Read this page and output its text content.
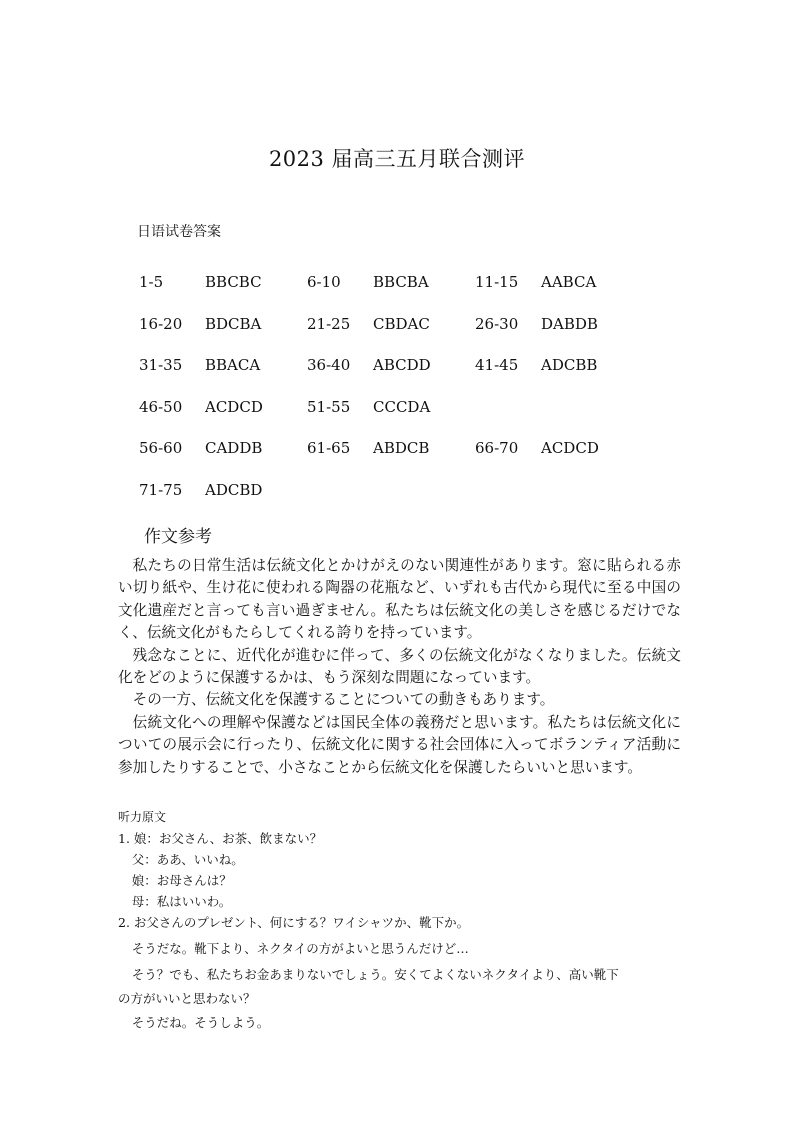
2023 届高三五月联合测评
日语试卷答案
1-5	BBCBC	6-10 BBCBA	11-15 AABCA
16-20 BDCBA	21-25 CBDAC	26-30 DABDB
31-35 BBACA	36-40 ABCDD	41-45 ADCBB
46-50 ACDCD	51-55 CCCDA
56-60 CADDB	61-65 ABDCB	66-70 ACDCD
71-75 ADCBD
作文参考

私たちの日常生活は伝統文化とかけがえのない関連性があります。窓に貼られる赤い切り紙や、生け花に使われる陶器の花瓶など、いずれも古代から現代に至る中国の文化遺産だと言っても言い過ぎません。私たちは伝統文化の美しさを感じるだけでなく、伝統文化がもたらしてくれる誇りを持っています。

残念なことに、近代化が進むに伴って、多くの伝統文化がなくなりました。伝統文化をどのように保護するかは、もう深刻な問題になっています。

その一方、伝統文化を保護することについての動きもあります。

伝統文化への理解や保護などは国民全体の義務だと思います。私たちは伝統文化についての展示会に行ったり、伝統文化に関する社会団体に入ってボランティア活動に参加したりすることで、小さなことから伝統文化を保護したらいいと思います。

听力原文
1. 娘：お父さん、お茶、飲まない？
父：ああ、いいね。
娘：お母さんは？
母：私はいいわ。
2. お父さんのプレゼント、何にする？ワイシャツか、靴下か。
そうだな。靴下より、ネクタイの方がよいと思うんだけど…
そう？でも、私たちお金あまりないでしょう。安くてよくないネクタイより、高い靴下
の方がいいと思わない？
そうだね。そうしよう。
